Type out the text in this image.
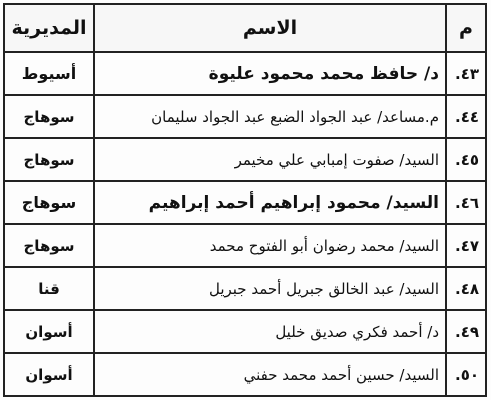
م	الاسم	المديرية
٤٣.	د/ حافظ محمد محمود عليوة	أسيوط
٤٤.	م.مساعد/ عبد الجواد الضبع عبد الجواد سليمان	سوهاج
٤٥.	السيد/ صفوت إمبابي علي مخيمر	سوهاج
٤٦.	السيد/ محمود إبراهيم أحمد إبراهيم	سوهاج
٤٧.	السيد/ محمد رضوان أبو الفتوح محمد	سوهاج
٤٨.	السيد/ عبد الخالق جبريل أحمد جبريل	قنا
٤٩.	د/ أحمد فكري صديق خليل	أسوان
٥٠.	السيد/ حسين أحمد محمد حفني	أسوان
